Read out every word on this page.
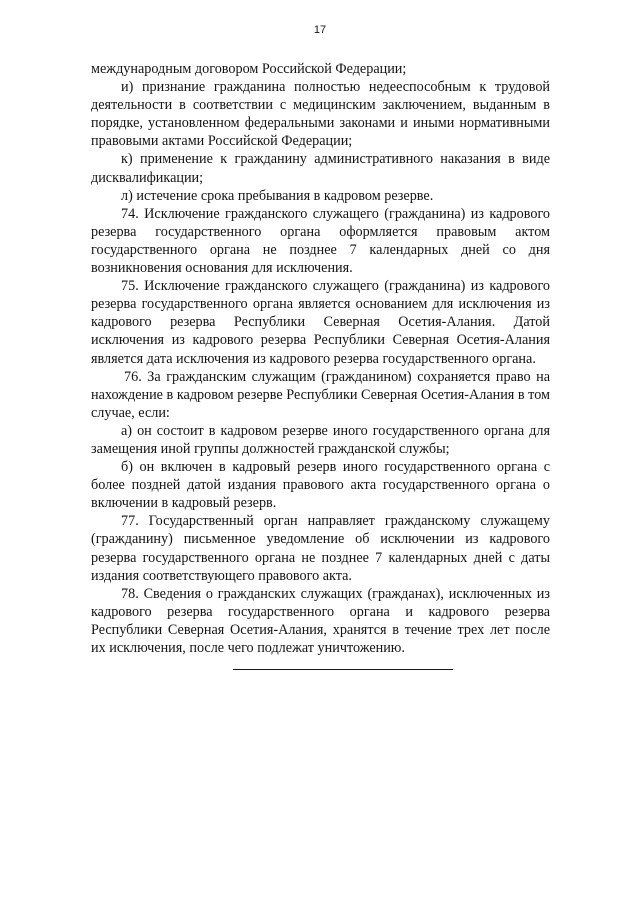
17

международным договором Российской Федерации;

и) признание гражданина полностью недееспособным к трудовой деятельности в соответствии с медицинским заключением, выданным в порядке, установленном федеральными законами и иными нормативными правовыми актами Российской Федерации;

к) применение к гражданину административного наказания в виде дисквалификации;

л) истечение срока пребывания в кадровом резерве.

74. Исключение гражданского служащего (гражданина) из кадрового резерва государственного органа оформляется правовым актом государственного органа не позднее 7 календарных дней со дня возникновения основания для исключения.

75. Исключение гражданского служащего (гражданина) из кадрового резерва государственного органа является основанием для исключения из кадрового резерва Республики Северная Осетия-Алания. Датой исключения из кадрового резерва Республики Северная Осетия-Алания является дата исключения из кадрового резерва государственного органа.

76. За гражданским служащим (гражданином) сохраняется право на нахождение в кадровом резерве Республики Северная Осетия-Алания в том случае, если:

а) он состоит в кадровом резерве иного государственного органа для замещения иной группы должностей гражданской службы;

б) он включен в кадровый резерв иного государственного органа с более поздней датой издания правового акта государственного органа о включении в кадровый резерв.

77. Государственный орган направляет гражданскому служащему (гражданину) письменное уведомление об исключении из кадрового резерва государственного органа не позднее 7 календарных дней с даты издания соответствующего правового акта.

78. Сведения о гражданских служащих (гражданах), исключенных из кадрового резерва государственного органа и кадрового резерва Республики Северная Осетия-Алания, хранятся в течение трех лет после их исключения, после чего подлежат уничтожению.
